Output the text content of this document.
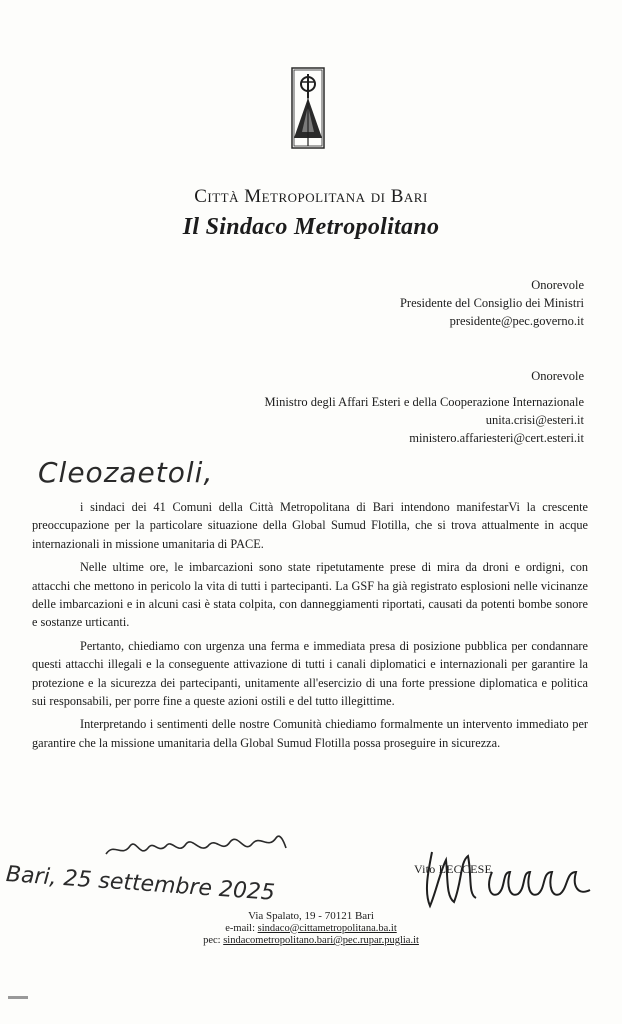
Città Metropolitana di Bari
Il Sindaco Metropolitano
Onorevole
Presidente del Consiglio dei Ministri
presidente@pec.governo.it
Onorevole
Ministro degli Affari Esteri e della Cooperazione Internazionale
unita.crisi@esteri.it
ministero.affariesteri@cert.esteri.it
Cleozaetoli,

i sindaci dei 41 Comuni della Città Metropolitana di Bari intendono manifestarVi la crescente preoccupazione per la particolare situazione della Global Sumud Flotilla, che si trova attualmente in acque internazionali in missione umanitaria di PACE.

Nelle ultime ore, le imbarcazioni sono state ripetutamente prese di mira da droni e ordigni, con attacchi che mettono in pericolo la vita di tutti i partecipanti. La GSF ha già registrato esplosioni nelle vicinanze delle imbarcazioni e in alcuni casi è stata colpita, con danneggiamenti riportati, causati da potenti bombe sonore e sostanze urticanti.

Pertanto, chiediamo con urgenza una ferma e immediata presa di posizione pubblica per condannare questi attacchi illegali e la conseguente attivazione di tutti i canali diplomatici e internazionali per garantire la protezione e la sicurezza dei partecipanti, unitamente all'esercizio di una forte pressione diplomatica e politica sui responsabili, per porre fine a queste azioni ostili e del tutto illegittime.

Interpretando i sentimenti delle nostre Comunità chiediamo formalmente un intervento immediato per garantire che la missione umanitaria della Global Sumud Flotilla possa proseguire in sicurezza.

Bari, 25 settembre 2025	Vito LECCESE
Via Spalato, 19 - 70121 Bari
e-mail: sindaco@cittametropolitana.ba.it
pec: sindacometropolitano.bari@pec.rupar.puglia.it
